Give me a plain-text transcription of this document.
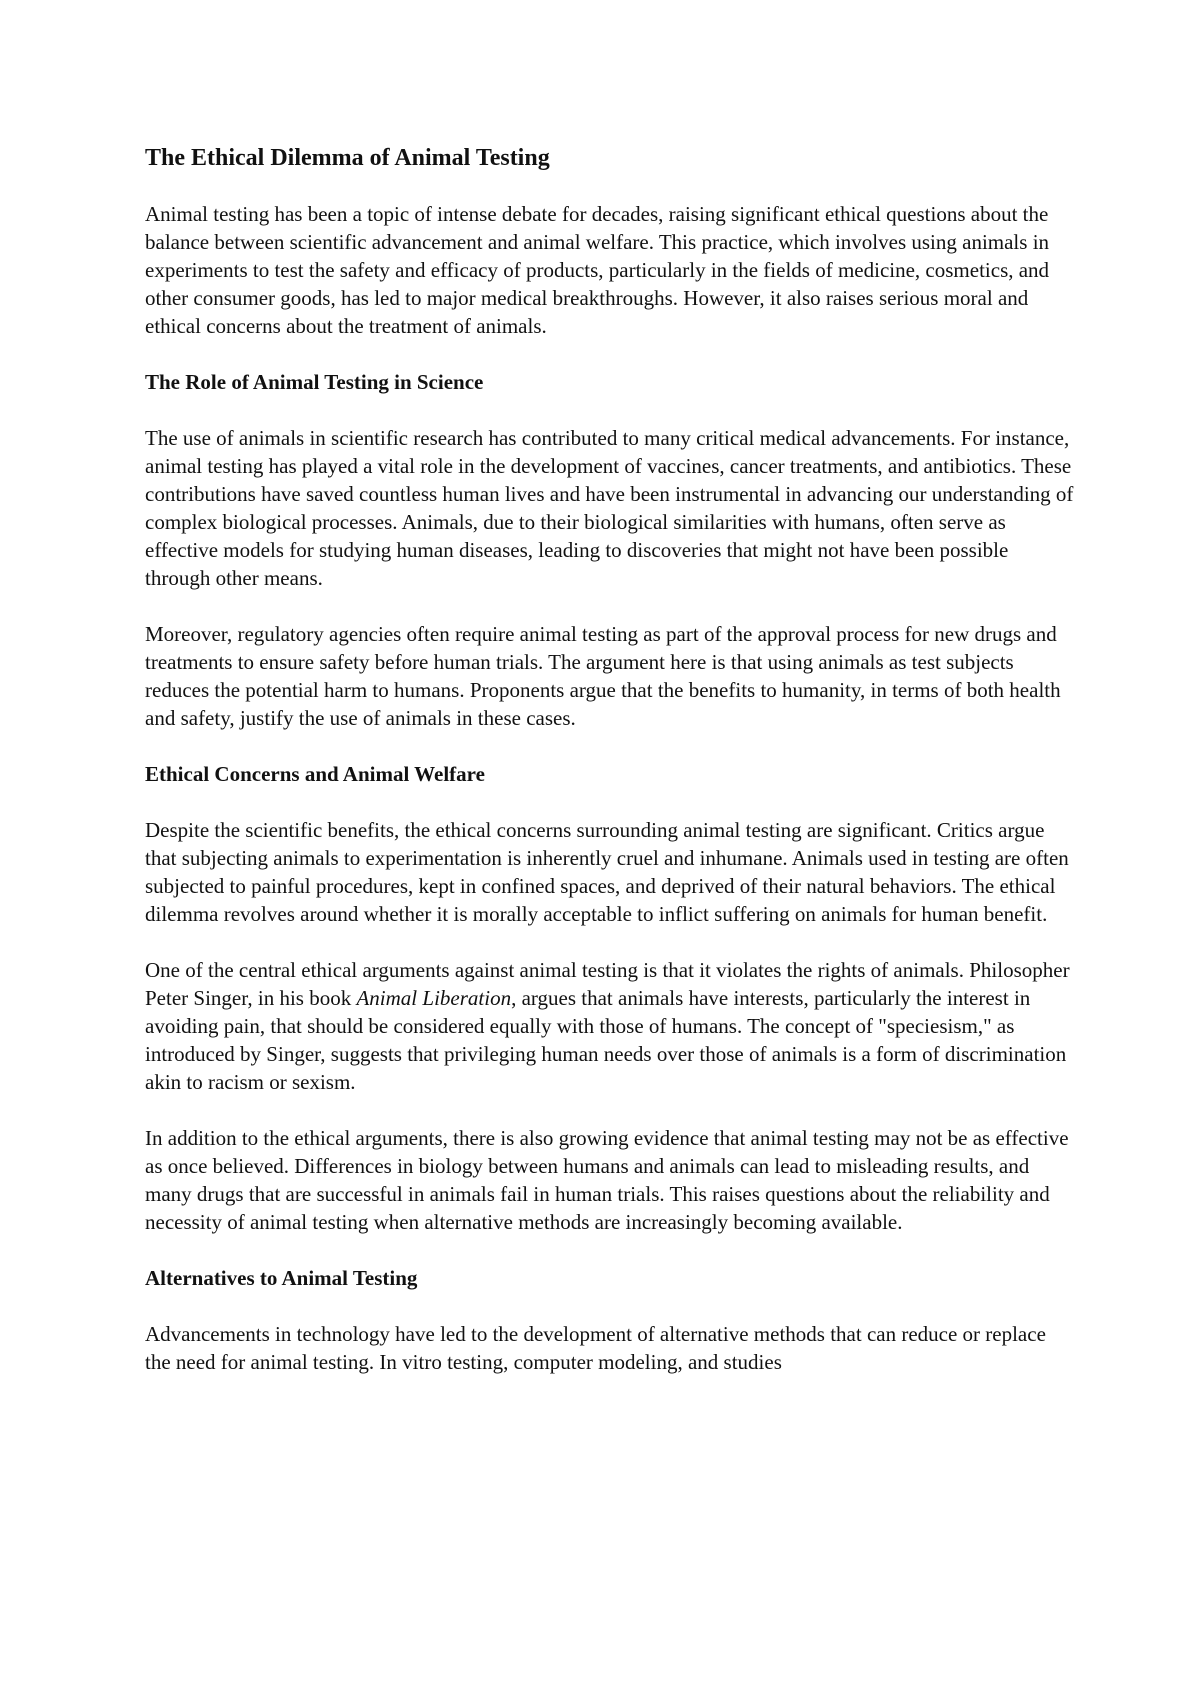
The Ethical Dilemma of Animal Testing

Animal testing has been a topic of intense debate for decades, raising significant ethical questions about the balance between scientific advancement and animal welfare. This practice, which involves using animals in experiments to test the safety and efficacy of products, particularly in the fields of medicine, cosmetics, and other consumer goods, has led to major medical breakthroughs. However, it also raises serious moral and ethical concerns about the treatment of animals.

The Role of Animal Testing in Science

The use of animals in scientific research has contributed to many critical medical advancements. For instance, animal testing has played a vital role in the development of vaccines, cancer treatments, and antibiotics. These contributions have saved countless human lives and have been instrumental in advancing our understanding of complex biological processes. Animals, due to their biological similarities with humans, often serve as effective models for studying human diseases, leading to discoveries that might not have been possible through other means.

Moreover, regulatory agencies often require animal testing as part of the approval process for new drugs and treatments to ensure safety before human trials. The argument here is that using animals as test subjects reduces the potential harm to humans. Proponents argue that the benefits to humanity, in terms of both health and safety, justify the use of animals in these cases.

Ethical Concerns and Animal Welfare

Despite the scientific benefits, the ethical concerns surrounding animal testing are significant. Critics argue that subjecting animals to experimentation is inherently cruel and inhumane. Animals used in testing are often subjected to painful procedures, kept in confined spaces, and deprived of their natural behaviors. The ethical dilemma revolves around whether it is morally acceptable to inflict suffering on animals for human benefit.

One of the central ethical arguments against animal testing is that it violates the rights of animals. Philosopher Peter Singer, in his book Animal Liberation, argues that animals have interests, particularly the interest in avoiding pain, that should be considered equally with those of humans. The concept of "speciesism," as introduced by Singer, suggests that privileging human needs over those of animals is a form of discrimination akin to racism or sexism.

In addition to the ethical arguments, there is also growing evidence that animal testing may not be as effective as once believed. Differences in biology between humans and animals can lead to misleading results, and many drugs that are successful in animals fail in human trials. This raises questions about the reliability and necessity of animal testing when alternative methods are increasingly becoming available.

Alternatives to Animal Testing

Advancements in technology have led to the development of alternative methods that can reduce or replace the need for animal testing. In vitro testing, computer modeling, and studies
